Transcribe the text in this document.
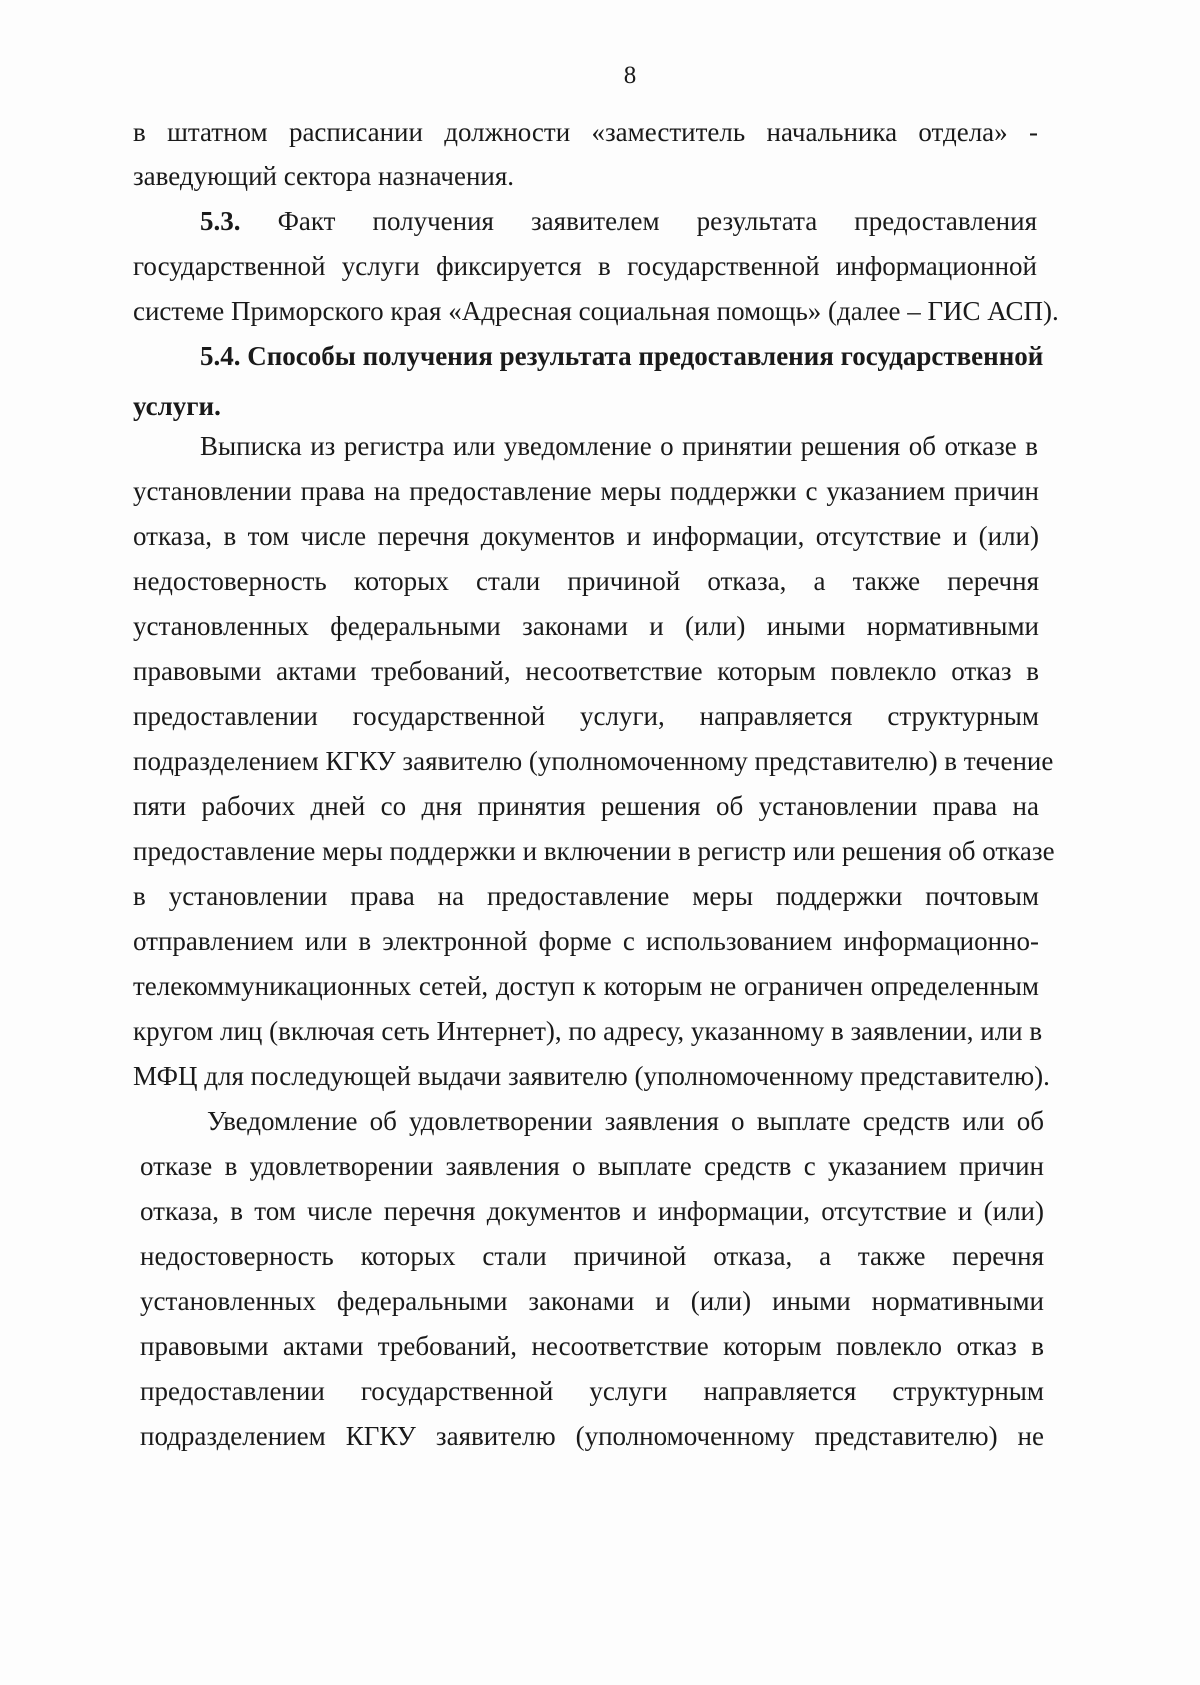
8
в штатном расписании должности «заместитель начальника отдела» -
заведующий сектора назначения.
5.3. Факт получения заявителем результата предоставления
государственной услуги фиксируется в государственной информационной
системе Приморского края «Адресная социальная помощь» (далее – ГИС АСП).
5.4. Способы получения результата предоставления государственной
услуги.
Выписка из регистра или уведомление о принятии решения об отказе в
установлении права на предоставление меры поддержки с указанием причин
отказа, в том числе перечня документов и информации, отсутствие и (или)
недостоверность которых стали причиной отказа, а также перечня
установленных федеральными законами и (или) иными нормативными
правовыми актами требований, несоответствие которым повлекло отказ в
предоставлении государственной услуги, направляется структурным
подразделением КГКУ заявителю (уполномоченному представителю) в течение
пяти рабочих дней со дня принятия решения об установлении права на
предоставление меры поддержки и включении в регистр или решения об отказе
в установлении права на предоставление меры поддержки почтовым
отправлением или в электронной форме с использованием информационно-
телекоммуникационных сетей, доступ к которым не ограничен определенным
кругом лиц (включая сеть Интернет), по адресу, указанному в заявлении, или в
МФЦ для последующей выдачи заявителю (уполномоченному представителю).
Уведомление об удовлетворении заявления о выплате средств или об
отказе в удовлетворении заявления о выплате средств с указанием причин
отказа, в том числе перечня документов и информации, отсутствие и (или)
недостоверность которых стали причиной отказа, а также перечня
установленных федеральными законами и (или) иными нормативными
правовыми актами требований, несоответствие которым повлекло отказ в
предоставлении государственной услуги направляется структурным
подразделением КГКУ заявителю (уполномоченному представителю) не
